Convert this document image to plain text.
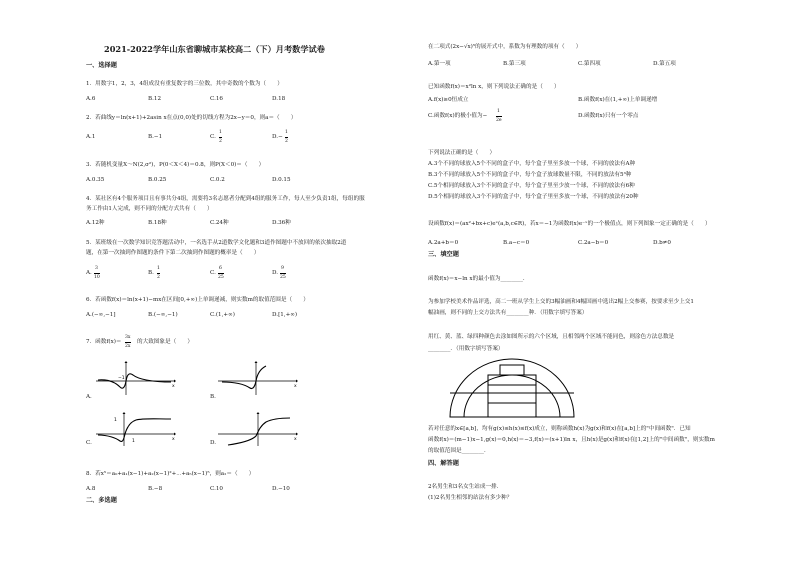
2021-2022学年山东省聊城市某校高二（下）月考数学试卷
一、选择题
1．用数字1，2，3，4组成没有重复数字的三位数，其中奇数的个数为（　　）
A.6	B.12	C.16	D.18
2．若曲线y＝ln(x+1)+2asin x在点(0,0)处的切线方程为2x−y＝0，则a＝（　　）
A.1	B.−1	C.
1
2
D.−
1
2
3．若随机变量X～N(2,σ²)，P(0＜X＜4)＝0.8，则P(X＜0)＝（　　）
A.0.35	B.0.25	C.0.2	D.0.15
4．某社区有4个服务项目且有事共分4组，需要将3名志愿者分配到4组的服务工作，每人至少负责1组，每组的服
务工作由1人完成，则不同的分配方式共有（　　）
A.12种	B.18种	C.24种	D.36种
5．某班级在一次数学知识竞答题活动中，一名选手从2道数学文化题和3道作图题中不放回的依次抽取2道
题，在第一次抽到作图题的条件下第二次抽到作图题的概率是（　　）
A.
3
10
B.
1
2
C.
6
25
D.
9
25
6．若函数f(x)＝ln(x+1)−mx在区间[0,+∞)上单调递减，则实数m的取值范围是（　　）
A.(−∞,−1]	B.(−∞,−1)	C.(1,+∞)	D.[1,+∞)
7．函数f(x)＝
3x
2x
的大致图象是（　　）
−1
x
A.
x
B.
1
1	x
C.
x
D.
8．若x⁵＝a₀+a₁(x−1)+a₂(x−1)²+⋯+a₅(x−1)⁵，则a₂＝（　　）
A.8	B.−8	C.10	D.−10
二、多选题
在二项式(2x−√x)⁵的展开式中，系数为有理数的项有（　　）
A.第一项	B.第三项	C.第四项	D.第五项
已知函数f(x)＝x²ln x，则下列说法正确的是（　　）
A.f(x)≥0恒成立	B.函数f(x)在(1,+∞)上单调递增
C.函数f(x)的极小值为−
1
2e
D.函数f(x)只有一个零点
下列说法正确的是（　　）
A.3个不同的球放入5个不同的盒子中，每个盒子里至多放一个球，不同的放法有A种
B.3个不同的球放入5个不同的盒子中，每个盒子放球数量不限，不同的放法有5³种
C.5个相同的球放入3个不同的盒子中，每个盒子里至少放一个球，不同的放法有6种
D.5个相同的球放入3个不同的盒子中，每个盒子里至多放一个球，不同的放法有20种
设函数f(x)＝(ax²+bx+c)eˣ(a,b,c∈R)，若x＝−1为函数f(x)e⁻ˣ的一个极值点，则下列图象一定正确的是（　　）
A.2a+b＝0	B.a−c＝0	C.2a−b＝0	D.b≠0
三、填空题
函数f(x)＝x−ln x的最小值为________．
为参加学校美术作品评选，高二一班从学生上交的3幅油画和4幅国画中选出2幅上交参赛，按要求至少上交1
幅油画，则不同的上交方法共有________种．（用数字填写答案）
用红、黄、蓝、绿四种颜色去涂如图所示的六个区域，且相邻两个区域不能同色，则涂色方法总数是
________．（用数字填写答案）
若对任意的x∈[a,b]，均有g(x)≤h(x)≤f(x)成立，则称函数h(x)为g(x)和f(x)在[a,b]上的"中间函数"．已知
函数f(x)＝(m−1)x−1,g(x)＝0,h(x)＝−3,f(x)＝(x+1)ln x，且h(x)是g(x)和f(x)在[1,2]上的"中间函数"，则实数m
的取值范围是________．
四、解答题
2名男生和3名女生站成一排．
(1)2名男生相邻的站法有多少种？
